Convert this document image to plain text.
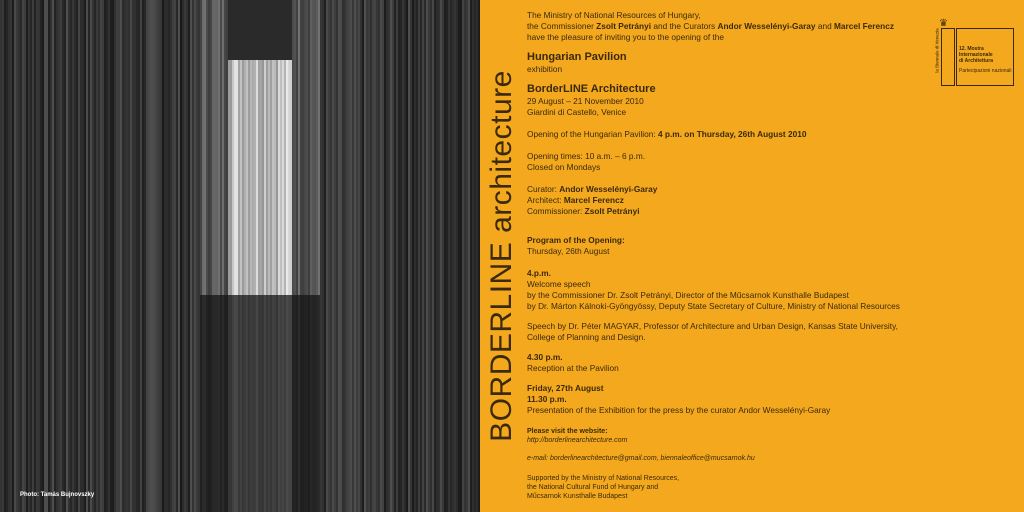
Photo: Tamás Bujnovszky
BORDERLINE architecture

The Ministry of National Resources of Hungary,

the Commissioner Zsolt Petrányi and the Curators Andor Wesselényi-Garay and Marcel Ferencz

have the pleasure of inviting you to the opening of the

Hungarian Pavilion

exhibition

BorderLINE Architecture

29 August – 21 November 2010

Giardini di Castello, Venice

Opening of the Hungarian Pavilion: 4 p.m. on Thursday, 26th August 2010

Opening times: 10 a.m. – 6 p.m.

Closed on Mondays

Curator: Andor Wesselényi-Garay

Architect: Marcel Ferencz

Commissioner: Zsolt Petrányi

Program of the Opening:

Thursday, 26th August

4.p.m.

Welcome speech

by the Commissioner Dr. Zsolt Petrányi, Director of the Műcsarnok Kunsthalle Budapest

by Dr. Márton Kálnoki-Gyöngyössy, Deputy State Secretary of Culture, Ministry of National Resources

Speech by Dr. Péter MAGYAR, Professor of Architecture and Urban Design, Kansas State University,

College of Planning and Design.

4.30 p.m.

Reception at the Pavilion

Friday, 27th August

11.30 p.m.

Presentation of the Exhibition for the press by the curator Andor Wesselényi-Garay

Please visit the website:

http://borderlinearchitecture.com

e-mail: borderlinearchitecture@gmail.com, biennaleoffice@mucsarnok.hu

Supported by the Ministry of National Resources,

the National Cultural Fund of Hungary and

Műcsarnok Kunsthalle Budapest

♛
la Biennale di Venezia	12. Mostra
Internazionale
di Architettura
Partecipazioni nazionali
